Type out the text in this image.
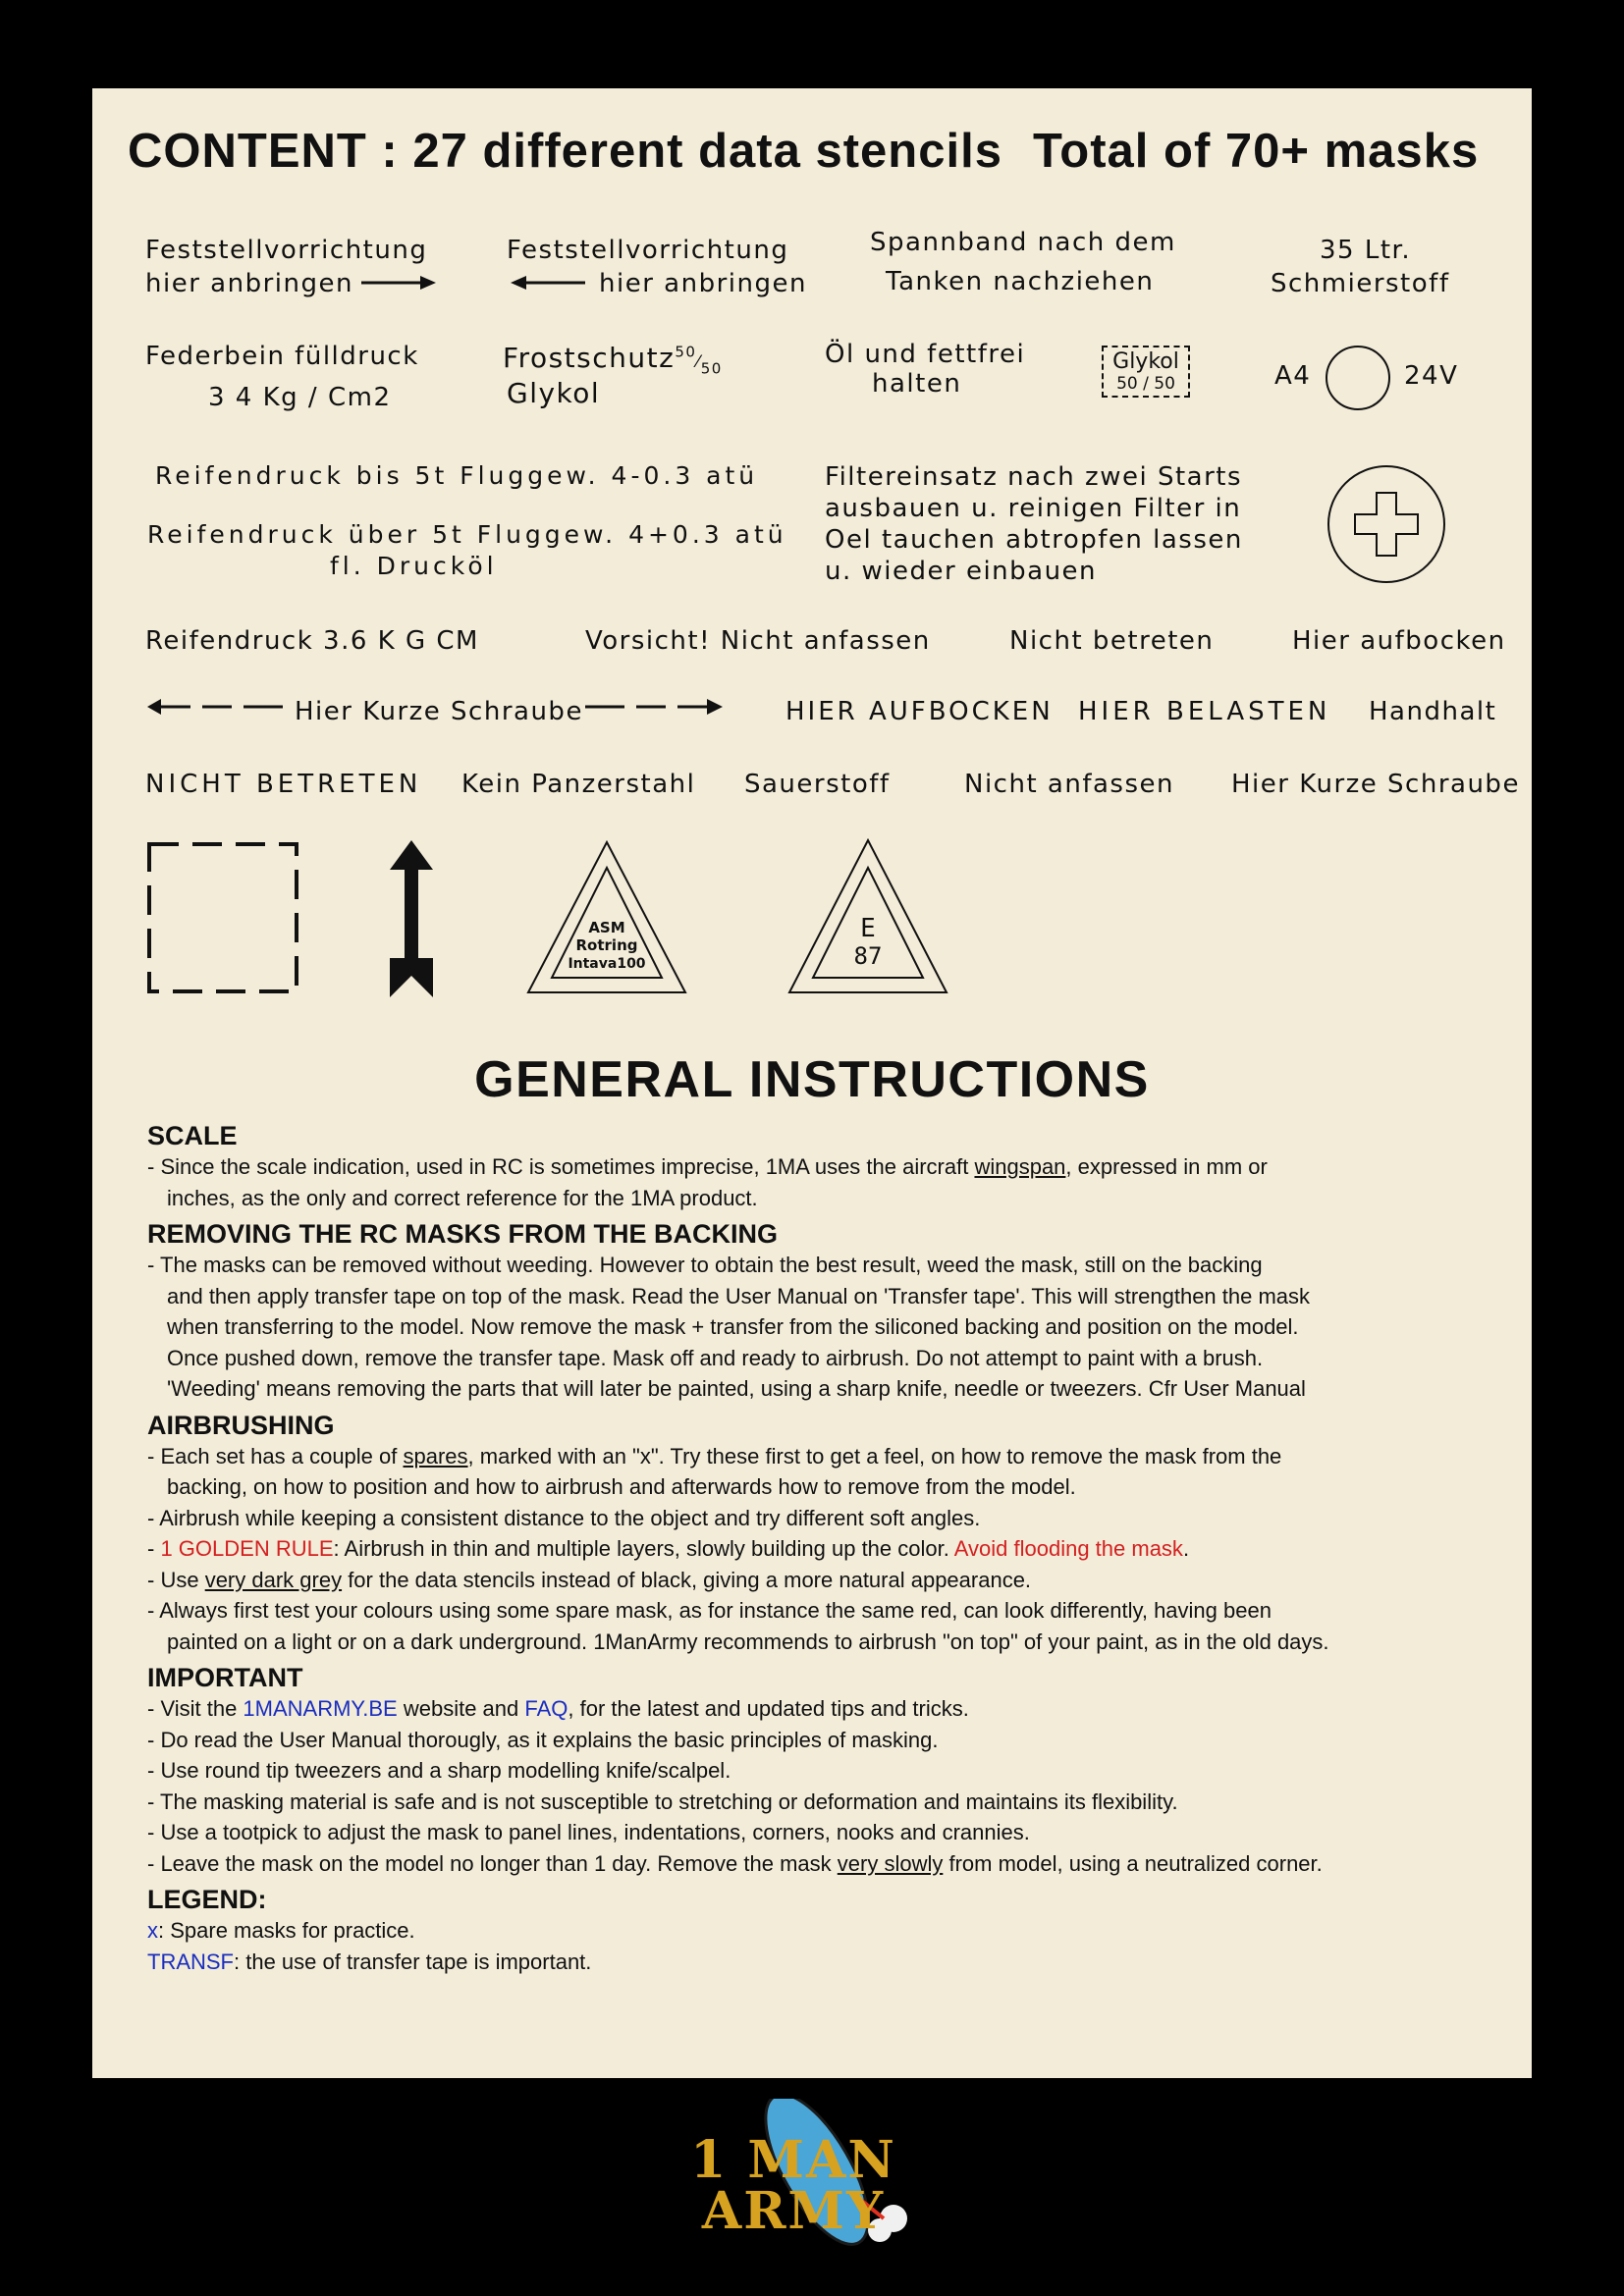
CONTENT : 27 different data stencils Total of 70+ masks
Feststellvorrichtung
hier anbringen
Feststellvorrichtung
hier anbringen
Spannband nach dem
Tanken nachziehen
35 Ltr.
Schmierstoff
Federbein fülldruck
3 4 Kg / Cm2
$Frostschutz^{50}⁄_{50}$
Glykol
Öl und fettfrei
halten
Glykol
50 / 50	A4	24V
Reifendruck bis 5t Fluggew. 4-0.3 atü
Reifendruck über 5t Fluggew. 4+0.3 atü
fl. Drucköl
Filtereinsatz nach zwei Starts
ausbauen u. reinigen Filter in
Oel tauchen abtropfen lassen
u. wieder einbauen
Reifendruck 3.6 K G CM	Vorsicht! Nicht anfassen	Nicht betreten	Hier aufbocken
Hier Kurze Schraube	HIER AUFBOCKEN HIER BELASTEN Handhalt
NICHT BETRETEN Kein Panzerstahl Sauerstoff	Nicht anfassen Hier Kurze Schraube
ASM
Rotring
Intava100
E
87
GENERAL INSTRUCTIONS
SCALE
- Since the scale indication, used in RC is sometimes imprecise, 1MA uses the aircraft wingspan, expressed in mm or
inches, as the only and correct reference for the 1MA product.
REMOVING THE RC MASKS FROM THE BACKING
- The masks can be removed without weeding. However to obtain the best result, weed the mask, still on the backing
and then apply transfer tape on top of the mask. Read the User Manual on 'Transfer tape'. This will strengthen the mask
when transferring to the model. Now remove the mask + transfer from the siliconed backing and position on the model.
Once pushed down, remove the transfer tape. Mask off and ready to airbrush. Do not attempt to paint with a brush.
'Weeding' means removing the parts that will later be painted, using a sharp knife, needle or tweezers. Cfr User Manual
AIRBRUSHING
- Each set has a couple of spares, marked with an "x". Try these first to get a feel, on how to remove the mask from the
backing, on how to position and how to airbrush and afterwards how to remove from the model.
- Airbrush while keeping a consistent distance to the object and try different soft angles.
- 1 GOLDEN RULE: Airbrush in thin and multiple layers, slowly building up the color. Avoid flooding the mask.
- Use very dark grey for the data stencils instead of black, giving a more natural appearance.
- Always first test your colours using some spare mask, as for instance the same red, can look differently, having been
painted on a light or on a dark underground. 1ManArmy recommends to airbrush "on top" of your paint, as in the old days.
IMPORTANT
- Visit the 1MANARMY.BE website and FAQ, for the latest and updated tips and tricks.
- Do read the User Manual thorougly, as it explains the basic principles of masking.
- Use round tip tweezers and a sharp modelling knife/scalpel.
- The masking material is safe and is not susceptible to stretching or deformation and maintains its flexibility.
- Use a tootpick to adjust the mask to panel lines, indentations, corners, nooks and crannies.
- Leave the mask on the model no longer than 1 day. Remove the mask very slowly from model, using a neutralized corner.
LEGEND:
x: Spare masks for practice.
TRANSF: the use of transfer tape is important.
1 MAN
ARMY
